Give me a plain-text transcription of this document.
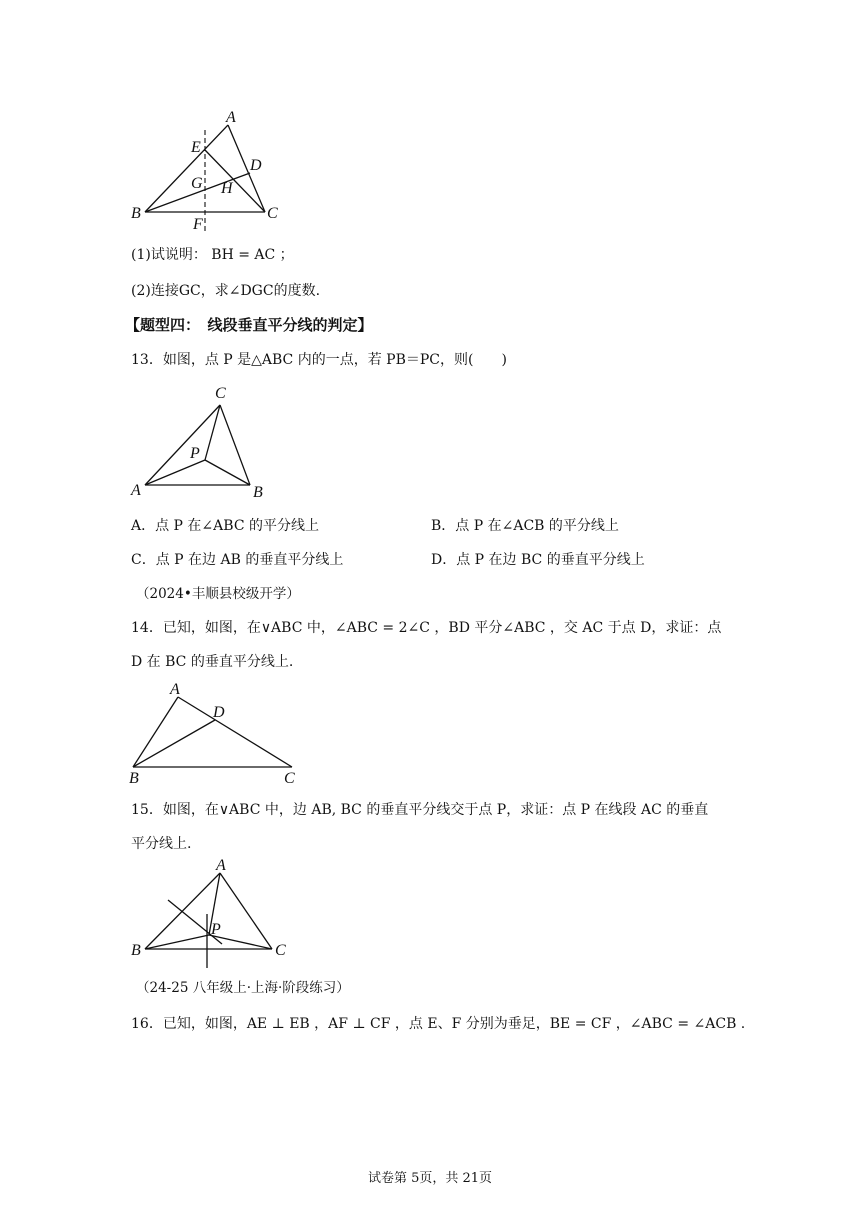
A
E
D
G H
B
F
C
(1)试说明： BH = AC ；
(2)连接GC，求∠DGC的度数.
【题型四：　线段垂直平分线的判定】
13．如图，点 P 是△ABC 内的一点，若 PB＝PC，则(　　)
C
P
A	B
A．点 P 在∠ABC 的平分线上	B．点 P 在∠ACB 的平分线上
C．点 P 在边 AB 的垂直平分线上	D．点 P 在边 BC 的垂直平分线上
（2024•丰顺县校级开学）
14．已知，如图，在∨ABC 中，∠ABC = 2∠C ，BD 平分∠ABC ，交 AC 于点 D，求证：点
D 在 BC 的垂直平分线上.
A
D
B	C
15．如图，在∨ABC 中，边 AB, BC 的垂直平分线交于点 P，求证：点 P 在线段 AC 的垂直
平分线上.
A
P
B	C
（24-25 八年级上·上海·阶段练习）
16．已知，如图，AE ⊥ EB ，AF ⊥ CF ，点 E、F 分别为垂足，BE = CF ，∠ABC = ∠ACB .
试卷第 5页，共 21页
